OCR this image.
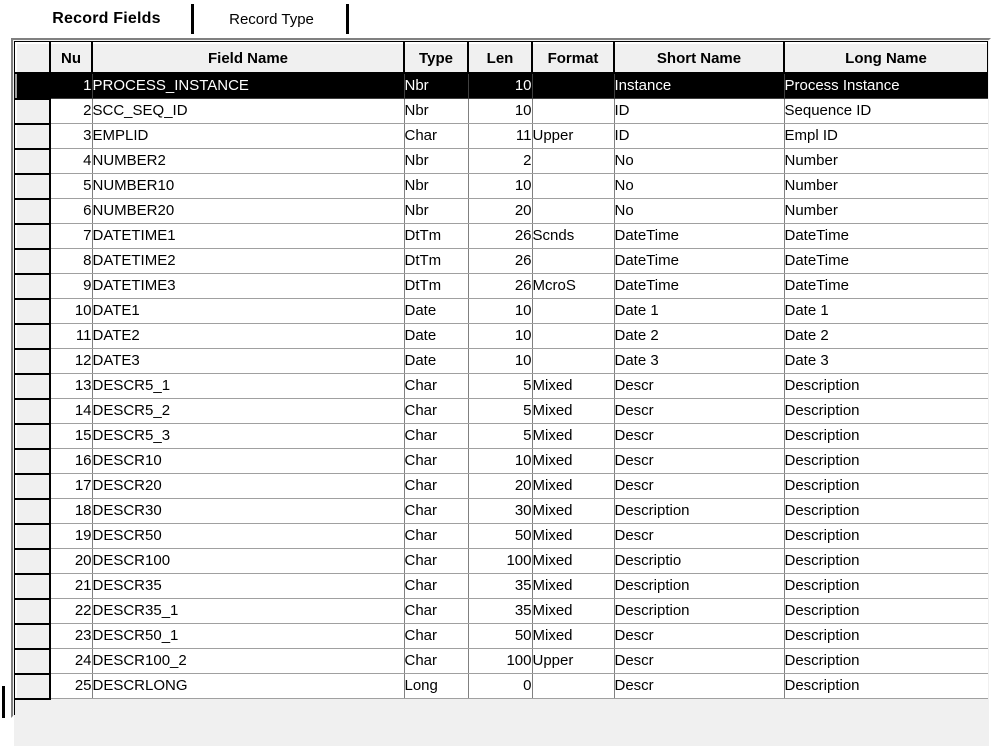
Record Fields	Record Type
	Nu	Field Name	Type	Len	Format	Short Name	Long Name
	1	PROCESS_INSTANCE	Nbr	10		Instance	Process Instance
	2	SCC_SEQ_ID	Nbr	10		ID	Sequence ID
	3	EMPLID	Char	11	Upper	ID	Empl ID
	4	NUMBER2	Nbr	2		No	Number
	5	NUMBER10	Nbr	10		No	Number
	6	NUMBER20	Nbr	20		No	Number
	7	DATETIME1	DtTm	26	Scnds	DateTime	DateTime
	8	DATETIME2	DtTm	26		DateTime	DateTime
	9	DATETIME3	DtTm	26	McroS	DateTime	DateTime
	10	DATE1	Date	10		Date 1	Date 1
	11	DATE2	Date	10		Date 2	Date 2
	12	DATE3	Date	10		Date 3	Date 3
	13	DESCR5_1	Char	5	Mixed	Descr	Description
	14	DESCR5_2	Char	5	Mixed	Descr	Description
	15	DESCR5_3	Char	5	Mixed	Descr	Description
	16	DESCR10	Char	10	Mixed	Descr	Description
	17	DESCR20	Char	20	Mixed	Descr	Description
	18	DESCR30	Char	30	Mixed	Description	Description
	19	DESCR50	Char	50	Mixed	Descr	Description
	20	DESCR100	Char	100	Mixed	Descriptio	Description
	21	DESCR35	Char	35	Mixed	Description	Description
	22	DESCR35_1	Char	35	Mixed	Description	Description
	23	DESCR50_1	Char	50	Mixed	Descr	Description
	24	DESCR100_2	Char	100	Upper	Descr	Description
	25	DESCRLONG	Long	0		Descr	Description
